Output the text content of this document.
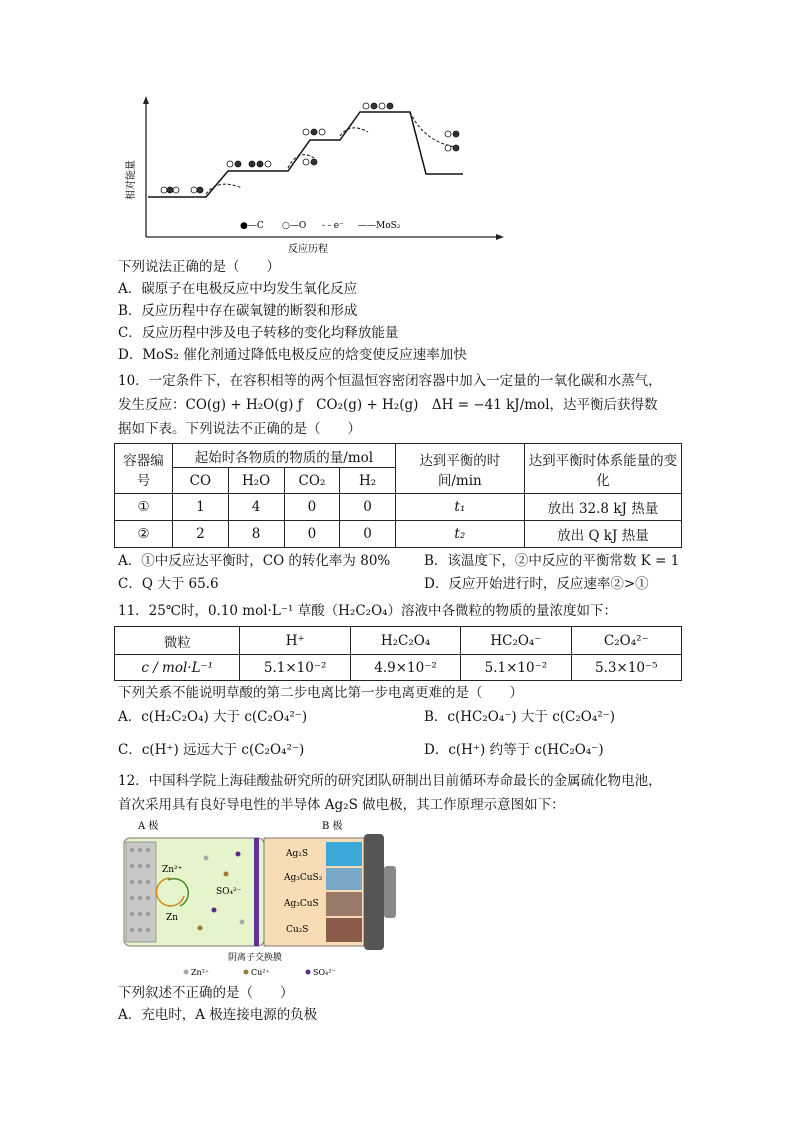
相对能量
反应历程
●—C ○—O - - e⁻ ——MoS₂
下列说法正确的是（　　）
A．碳原子在电极反应中均发生氧化反应
B．反应历程中存在碳氧键的断裂和形成
C．反应历程中涉及电子转移的变化均释放能量
D．MoS₂ 催化剂通过降低电极反应的焓变使反应速率加快
10．一定条件下，在容积相等的两个恒温恒容密闭容器中加入一定量的一氧化碳和水蒸气，
发生反应：CO(g) + H₂O(g) ƒ　CO₂(g) + H₂(g)　ΔH = −41 kJ/mol，达平衡后获得数
据如下表。下列说法不正确的是（　　）
容器编号	起始时各物质的物质的量/mol				达到平衡的时间/min	达到平衡时体系能量的变化
	CO	H₂O	CO₂	H₂		
①	1	4	0	0	t₁	放出 32.8 kJ 热量
②	2	8	0	0	t₂	放出 Q kJ 热量
A．①中反应达平衡时，CO 的转化率为 80%	B．该温度下，②中反应的平衡常数 K = 1
C．Q 大于 65.6	D．反应开始进行时，反应速率②>①
11．25℃时，0.10 mol·L⁻¹ 草酸（H₂C₂O₄）溶液中各微粒的物质的量浓度如下：
微粒	H⁺	H₂C₂O₄	HC₂O₄⁻	C₂O₄²⁻
c / mol·L⁻¹	5.1×10⁻²	4.9×10⁻²	5.1×10⁻²	5.3×10⁻⁵
下列关系不能说明草酸的第二步电离比第一步电离更难的是（　　）
A．c(H₂C₂O₄) 大于 c(C₂O₄²⁻)	B．c(HC₂O₄⁻) 大于 c(C₂O₄²⁻)
C．c(H⁺) 远远大于 c(C₂O₄²⁻)	D．c(H⁺) 约等于 c(HC₂O₄⁻)
12．中国科学院上海硅酸盐研究所的研究团队研制出目前循环寿命最长的金属硫化物电池，
首次采用具有良好导电性的半导体 Ag₂S 做电极，其工作原理示意图如下：
A 极	B 极
Zn²⁺
Zn
SO₄²⁻
Ag₂S
Ag₃CuS₂
Ag₃CuS
Cu₂S
阴离子交换膜
Zn²⁺	Cu²⁺	SO₄²⁻
下列叙述不正确的是（　　）
A．充电时，A 极连接电源的负极
